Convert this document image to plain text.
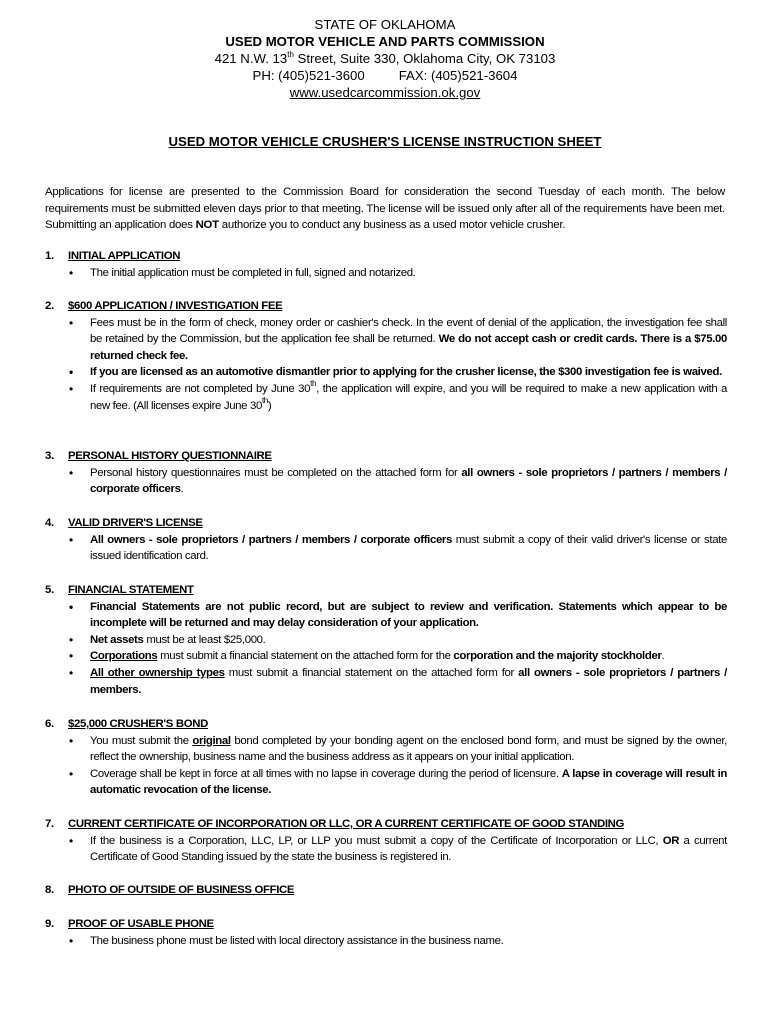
STATE OF OKLAHOMA
USED MOTOR VEHICLE AND PARTS COMMISSION
421 N.W. 13th Street, Suite 330, Oklahoma City, OK 73103
PH: (405)521-3600	FAX: (405)521-3604
www.usedcarcommission.ok.gov
USED MOTOR VEHICLE CRUSHER'S LICENSE INSTRUCTION SHEET

Applications for license are presented to the Commission Board for consideration the second Tuesday of each month. The below requirements must be submitted eleven days prior to that meeting. The license will be issued only after all of the requirements have been met. Submitting an application does NOT authorize you to conduct any business as a used motor vehicle crusher.

1.	INITIAL APPLICATION
• The initial application must be completed in full, signed and notarized.
2.	$600 APPLICATION / INVESTIGATION FEE
• Fees must be in the form of check, money order or cashier's check. In the event of denial of the application, the investigation fee shall be retained by the Commission, but the application fee shall be returned. We do not accept cash or credit cards. There is a $75.00 returned check fee.
• If you are licensed as an automotive dismantler prior to applying for the crusher license, the $300 investigation fee is waived.
• If requirements are not completed by June 30th, the application will expire, and you will be required to make a new application with a new fee. (All licenses expire June 30th)
3.	PERSONAL HISTORY QUESTIONNAIRE
• Personal history questionnaires must be completed on the attached form for all owners - sole proprietors / partners / members / corporate officers.
4.	VALID DRIVER'S LICENSE
• All owners - sole proprietors / partners / members / corporate officers must submit a copy of their valid driver's license or state issued identification card.
5.	FINANCIAL STATEMENT
• Financial Statements are not public record, but are subject to review and verification. Statements which appear to be incomplete will be returned and may delay consideration of your application.
• Net assets must be at least $25,000.
• Corporations must submit a financial statement on the attached form for the corporation and the majority stockholder.
• All other ownership types must submit a financial statement on the attached form for all owners - sole proprietors / partners / members.
6.	$25,000 CRUSHER'S BOND
• You must submit the original bond completed by your bonding agent on the enclosed bond form, and must be signed by the owner, reflect the ownership, business name and the business address as it appears on your initial application.
• Coverage shall be kept in force at all times with no lapse in coverage during the period of licensure. A lapse in coverage will result in automatic revocation of the license.
7.	CURRENT CERTIFICATE OF INCORPORATION OR LLC, OR A CURRENT CERTIFICATE OF GOOD STANDING
• If the business is a Corporation, LLC, LP, or LLP you must submit a copy of the Certificate of Incorporation or LLC, OR a current Certificate of Good Standing issued by the state the business is registered in.
8.	PHOTO OF OUTSIDE OF BUSINESS OFFICE
9.	PROOF OF USABLE PHONE
• The business phone must be listed with local directory assistance in the business name.
